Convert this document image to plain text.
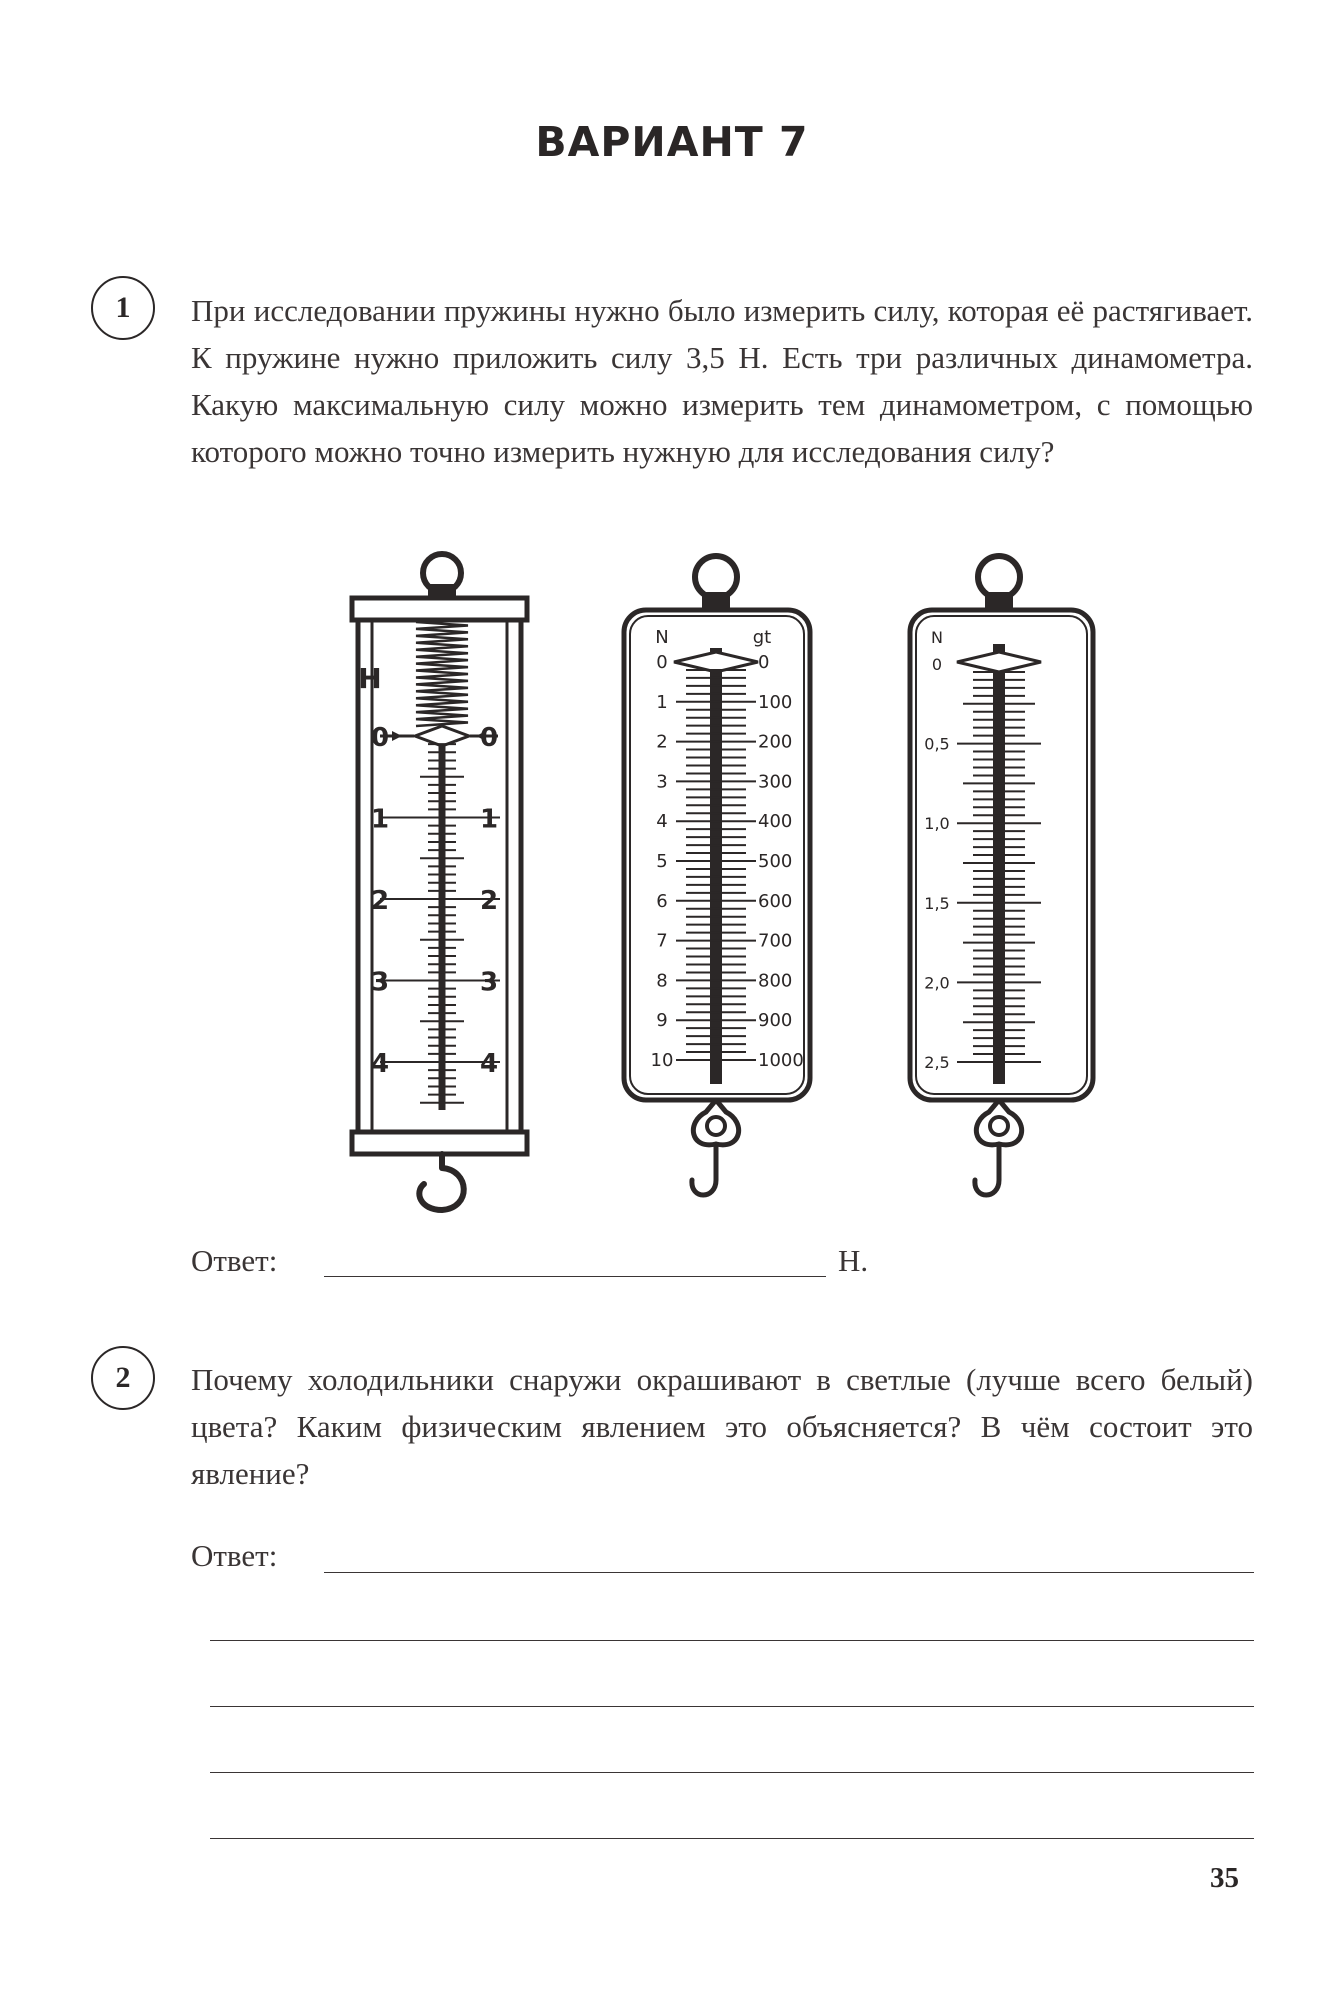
ВАРИАНТ 7
1	При исследовании пружины нужно было измерить силу, которая её растягивает. К пружине нужно приложить силу 3,5 Н. Есть три различных динамометра. Какую максимальную силу можно измерить тем динамометром, с помощью которого можно точно измерить нужную для исследования силу?
Н
0
1
2
3
4
0
1
2
3
4
0
1
2
3
4
5
6
7
8
9
10
0
100
200
300
400
500
600
700
800
900
1000
N	gt
0
0,5
1,0
1,5
2,0
2,5
N
Ответ:	Н.
2	Почему холодильники снаружи окрашивают в светлые (лучше всего белый) цвета? Каким физическим явлением это объясняется? В чём состоит это явление?
Ответ:
35
